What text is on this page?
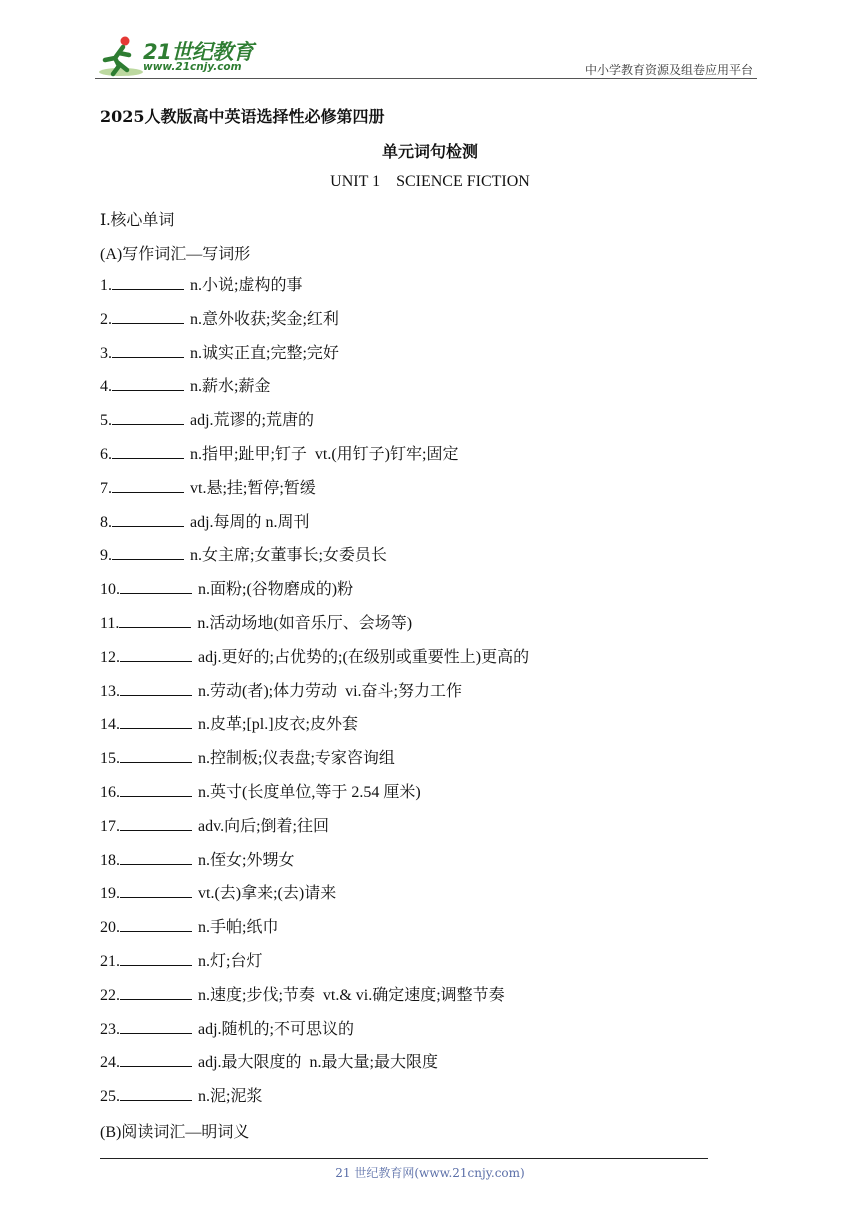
21世纪教育
www.21cnjy.com	中小学教育资源及组卷应用平台
2025人教版高中英语选择性必修第四册
单元词句检测
UNIT 1    SCIENCE FICTION
Ⅰ.核心单词
(A)写作词汇—写词形
1.	n.小说;虚构的事
2.	n.意外收获;奖金;红利
3.	n.诚实正直;完整;完好
4.	n.薪水;薪金
5.	adj.荒谬的;荒唐的
6.	n.指甲;趾甲;钉子  vt.(用钉子)钉牢;固定
7.	vt.悬;挂;暂停;暂缓
8.	adj.每周的 n.周刊
9.	n.女主席;女董事长;女委员长
10.	n.面粉;(谷物磨成的)粉
11.	n.活动场地(如音乐厅、会场等)
12.	adj.更好的;占优势的;(在级别或重要性上)更高的
13.	n.劳动(者);体力劳动  vi.奋斗;努力工作
14.	n.皮革;[pl.]皮衣;皮外套
15.	n.控制板;仪表盘;专家咨询组
16.	n.英寸(长度单位,等于 2.54 厘米)
17.	adv.向后;倒着;往回
18.	n.侄女;外甥女
19.	vt.(去)拿来;(去)请来
20.	n.手帕;纸巾
21.	n.灯;台灯
22.	n.速度;步伐;节奏  vt.& vi.确定速度;调整节奏
23.	adj.随机的;不可思议的
24.	adj.最大限度的  n.最大量;最大限度
25.	n.泥;泥浆
(B)阅读词汇—明词义
21 世纪教育网(www.21cnjy.com)
